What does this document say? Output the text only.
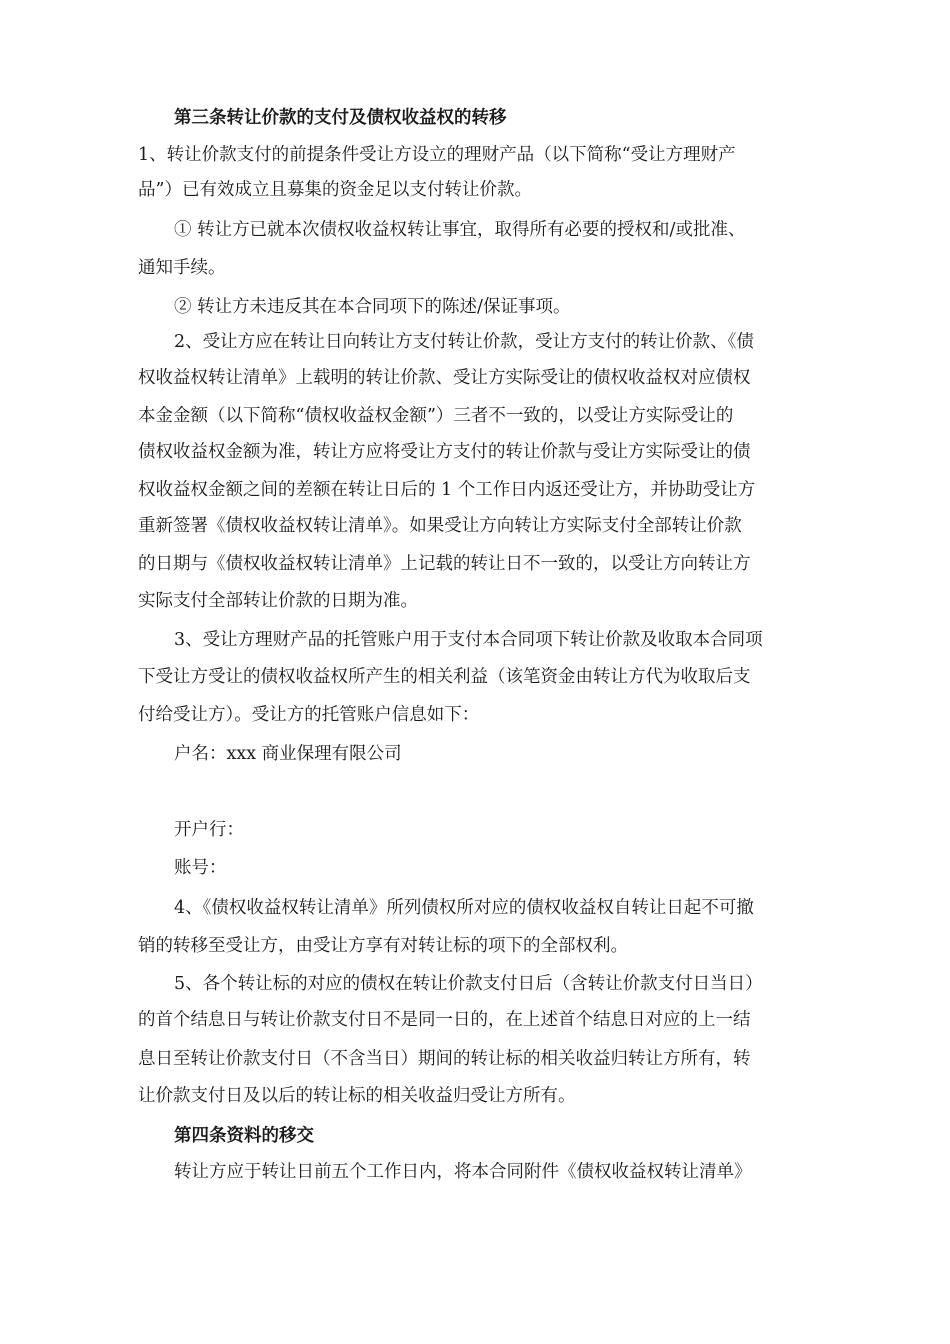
第三条转让价款的支付及债权收益权的转移
1、转让价款支付的前提条件受让方设立的理财产品（以下简称“受让方理财产
品”）已有效成立且募集的资金足以支付转让价款。
① 转让方已就本次债权收益权转让事宜，取得所有必要的授权和/或批准、
通知手续。
② 转让方未违反其在本合同项下的陈述/保证事项。
2、受让方应在转让日向转让方支付转让价款，受让方支付的转让价款、《债
权收益权转让清单》上载明的转让价款、受让方实际受让的债权收益权对应债权
本金金额（以下简称“债权收益权金额”）三者不一致的，以受让方实际受让的
债权收益权金额为准，转让方应将受让方支付的转让价款与受让方实际受让的债
权收益权金额之间的差额在转让日后的 1 个工作日内返还受让方，并协助受让方
重新签署《债权收益权转让清单》。如果受让方向转让方实际支付全部转让价款
的日期与《债权收益权转让清单》上记载的转让日不一致的，以受让方向转让方
实际支付全部转让价款的日期为准。
3、受让方理财产品的托管账户用于支付本合同项下转让价款及收取本合同项
下受让方受让的债权收益权所产生的相关利益（该笔资金由转让方代为收取后支
付给受让方）。受让方的托管账户信息如下：
户名：xxx 商业保理有限公司
开户行：
账号：
4、《债权收益权转让清单》所列债权所对应的债权收益权自转让日起不可撤
销的转移至受让方，由受让方享有对转让标的项下的全部权利。
5、各个转让标的对应的债权在转让价款支付日后（含转让价款支付日当日）
的首个结息日与转让价款支付日不是同一日的，在上述首个结息日对应的上一结
息日至转让价款支付日（不含当日）期间的转让标的相关收益归转让方所有，转
让价款支付日及以后的转让标的相关收益归受让方所有。
第四条资料的移交
转让方应于转让日前五个工作日内，将本合同附件《债权收益权转让清单》
